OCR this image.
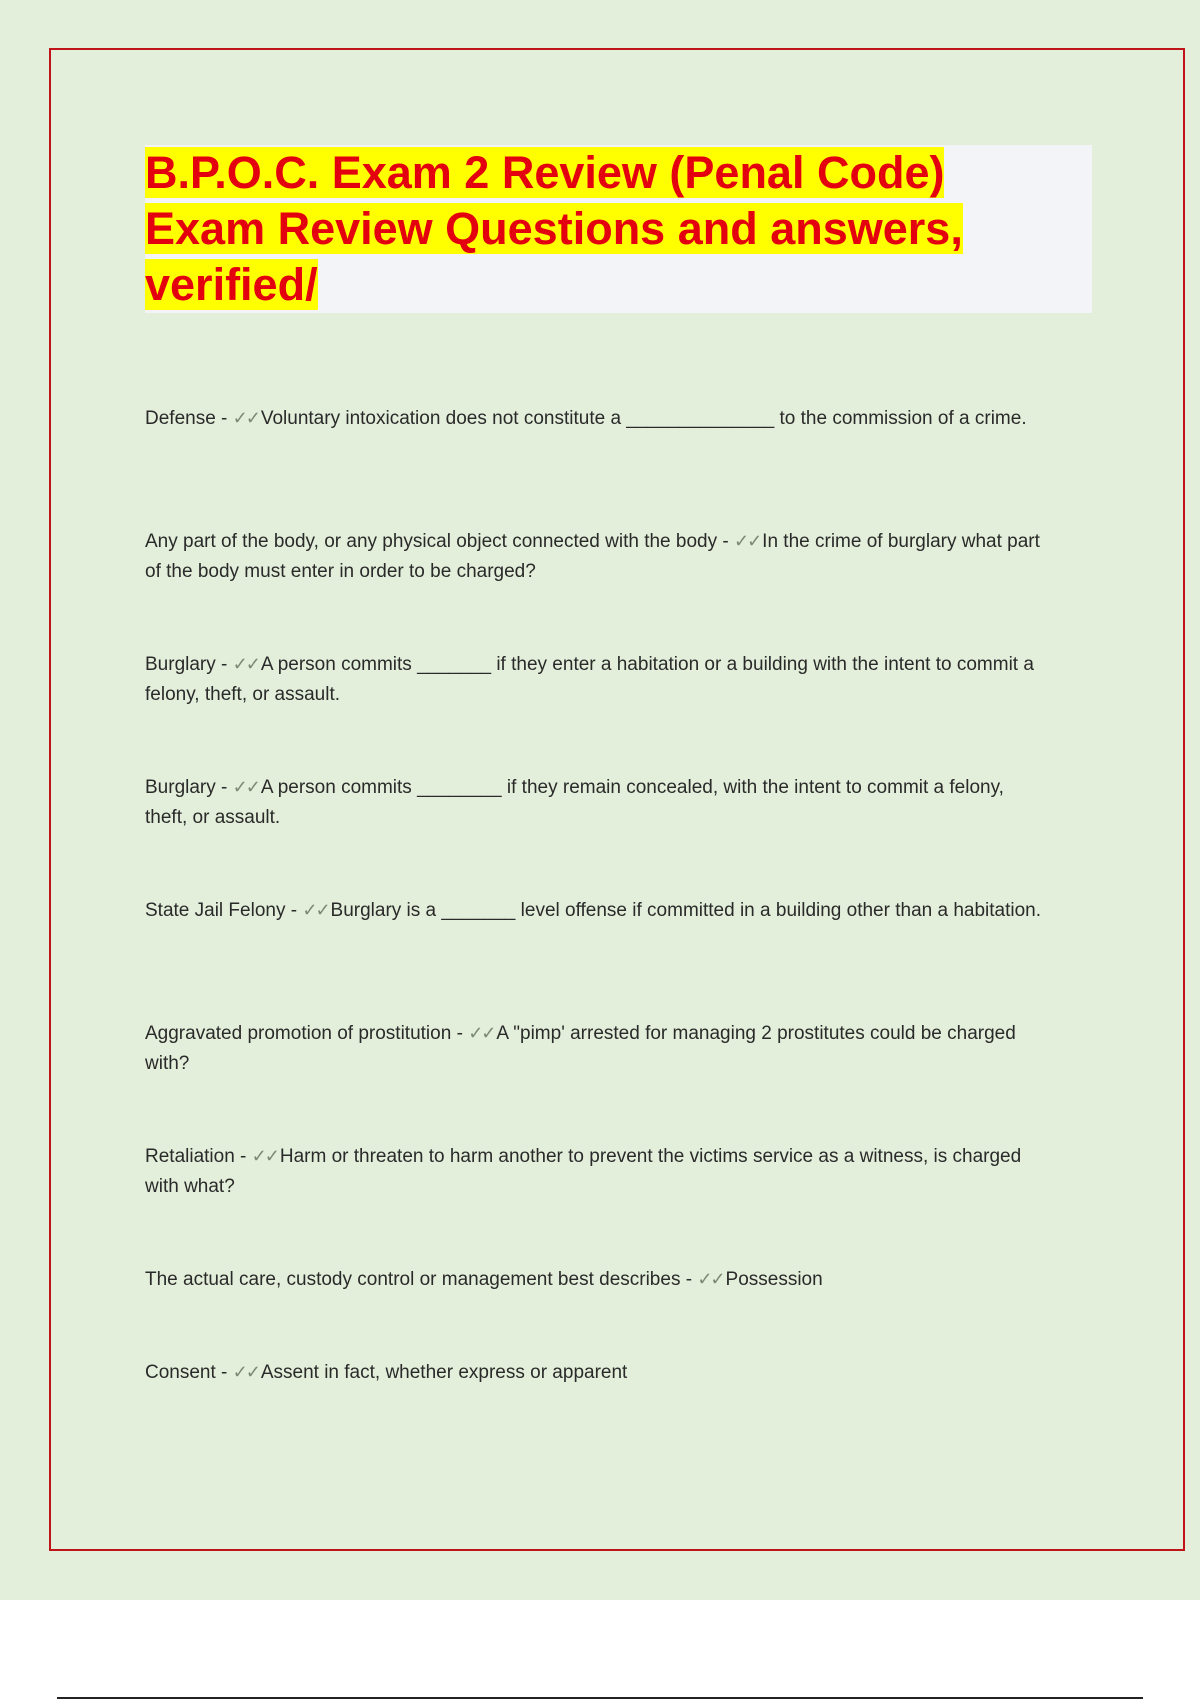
B.P.O.C. Exam 2 Review (Penal Code)
Exam Review Questions and answers,
verified/

Defense - ✓✓ Voluntary intoxication does not constitute a ______________ to the commission of a crime.

Any part of the body, or any physical object connected with the body - ✓✓ In the crime of burglary what part of the body must enter in order to be charged?

Burglary - ✓✓ A person commits _______ if they enter a habitation or a building with the intent to commit a felony, theft, or assault.

Burglary - ✓✓ A person commits ________ if they remain concealed, with the intent to commit a felony, theft, or assault.

State Jail Felony - ✓✓ Burglary is a _______ level offense if committed in a building other than a habitation.

Aggravated promotion of prostitution - ✓✓ A "pimp' arrested for managing 2 prostitutes could be charged with?

Retaliation - ✓✓ Harm or threaten to harm another to prevent the victims service as a witness, is charged with what?

The actual care, custody control or management best describes - ✓✓ Possession

Consent - ✓✓ Assent in fact, whether express or apparent
